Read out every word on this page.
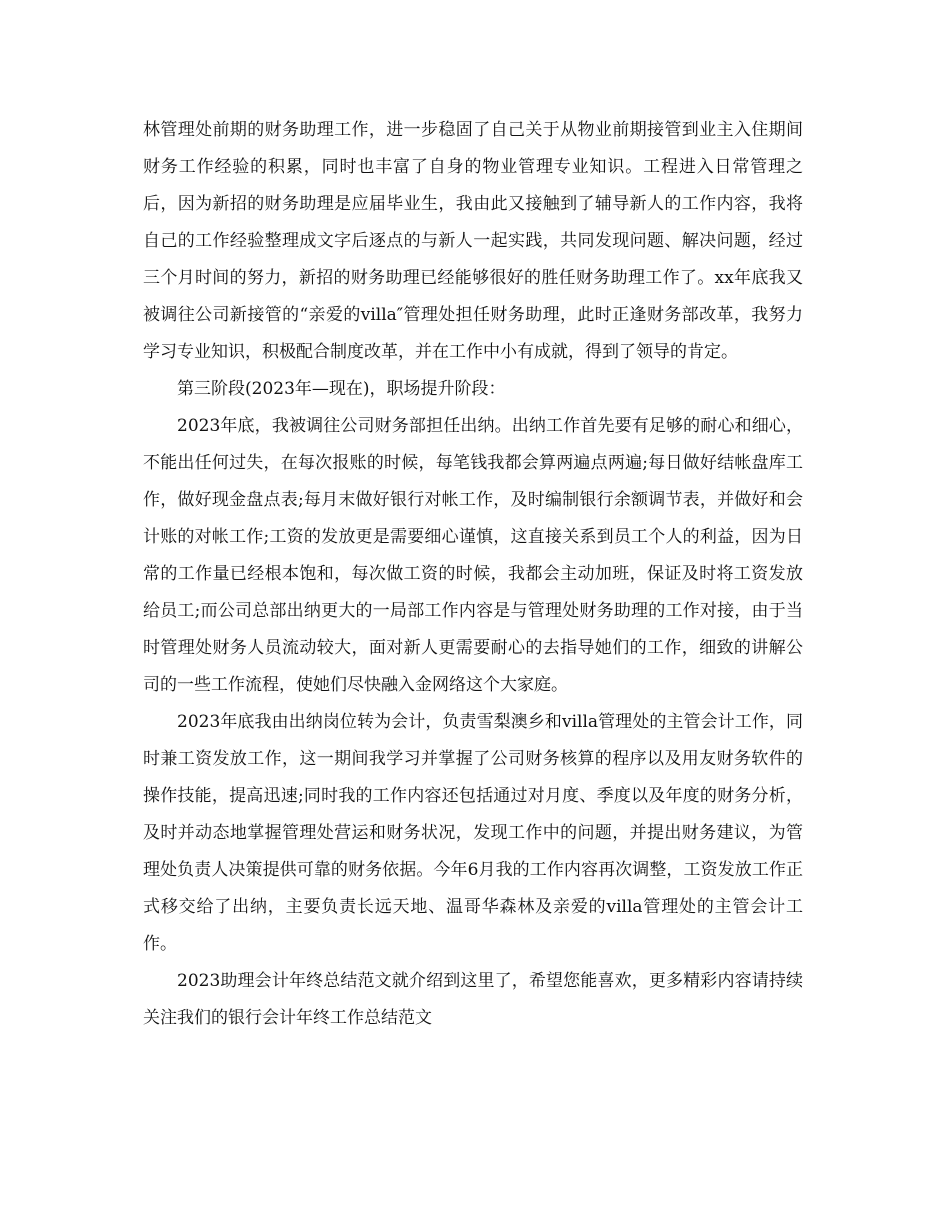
林管理处前期的财务助理工作，进一步稳固了自己关于从物业前期接管到业主入住期间财务工作经验的积累，同时也丰富了自身的物业管理专业知识。工程进入日常管理之后，因为新招的财务助理是应届毕业生，我由此又接触到了辅导新人的工作内容，我将自己的工作经验整理成文字后逐点的与新人一起实践，共同发现问题、解决问题，经过三个月时间的努力，新招的财务助理已经能够很好的胜任财务助理工作了。xx年底我又被调往公司新接管的“亲爱的villa″管理处担任财务助理，此时正逢财务部改革，我努力学习专业知识，积极配合制度改革，并在工作中小有成就，得到了领导的肯定。

第三阶段(2023年—现在)，职场提升阶段：

2023年底，我被调往公司财务部担任出纳。出纳工作首先要有足够的耐心和细心，不能出任何过失，在每次报账的时候，每笔钱我都会算两遍点两遍;每日做好结帐盘库工作，做好现金盘点表;每月末做好银行对帐工作，及时编制银行余额调节表，并做好和会计账的对帐工作;工资的发放更是需要细心谨慎，这直接关系到员工个人的利益，因为日常的工作量已经根本饱和，每次做工资的时候，我都会主动加班，保证及时将工资发放给员工;而公司总部出纳更大的一局部工作内容是与管理处财务助理的工作对接，由于当时管理处财务人员流动较大，面对新人更需要耐心的去指导她们的工作，细致的讲解公司的一些工作流程，使她们尽快融入金网络这个大家庭。

2023年底我由出纳岗位转为会计，负责雪梨澳乡和villa管理处的主管会计工作，同时兼工资发放工作，这一期间我学习并掌握了公司财务核算的程序以及用友财务软件的操作技能，提高迅速;同时我的工作内容还包括通过对月度、季度以及年度的财务分析，及时并动态地掌握管理处营运和财务状况，发现工作中的问题，并提出财务建议，为管理处负责人决策提供可靠的财务依据。今年6月我的工作内容再次调整，工资发放工作正式移交给了出纳，主要负责长远天地、温哥华森林及亲爱的villa管理处的主管会计工作。

2023助理会计年终总结范文就介绍到这里了，希望您能喜欢，更多精彩内容请持续关注我们的银行会计年终工作总结范文
